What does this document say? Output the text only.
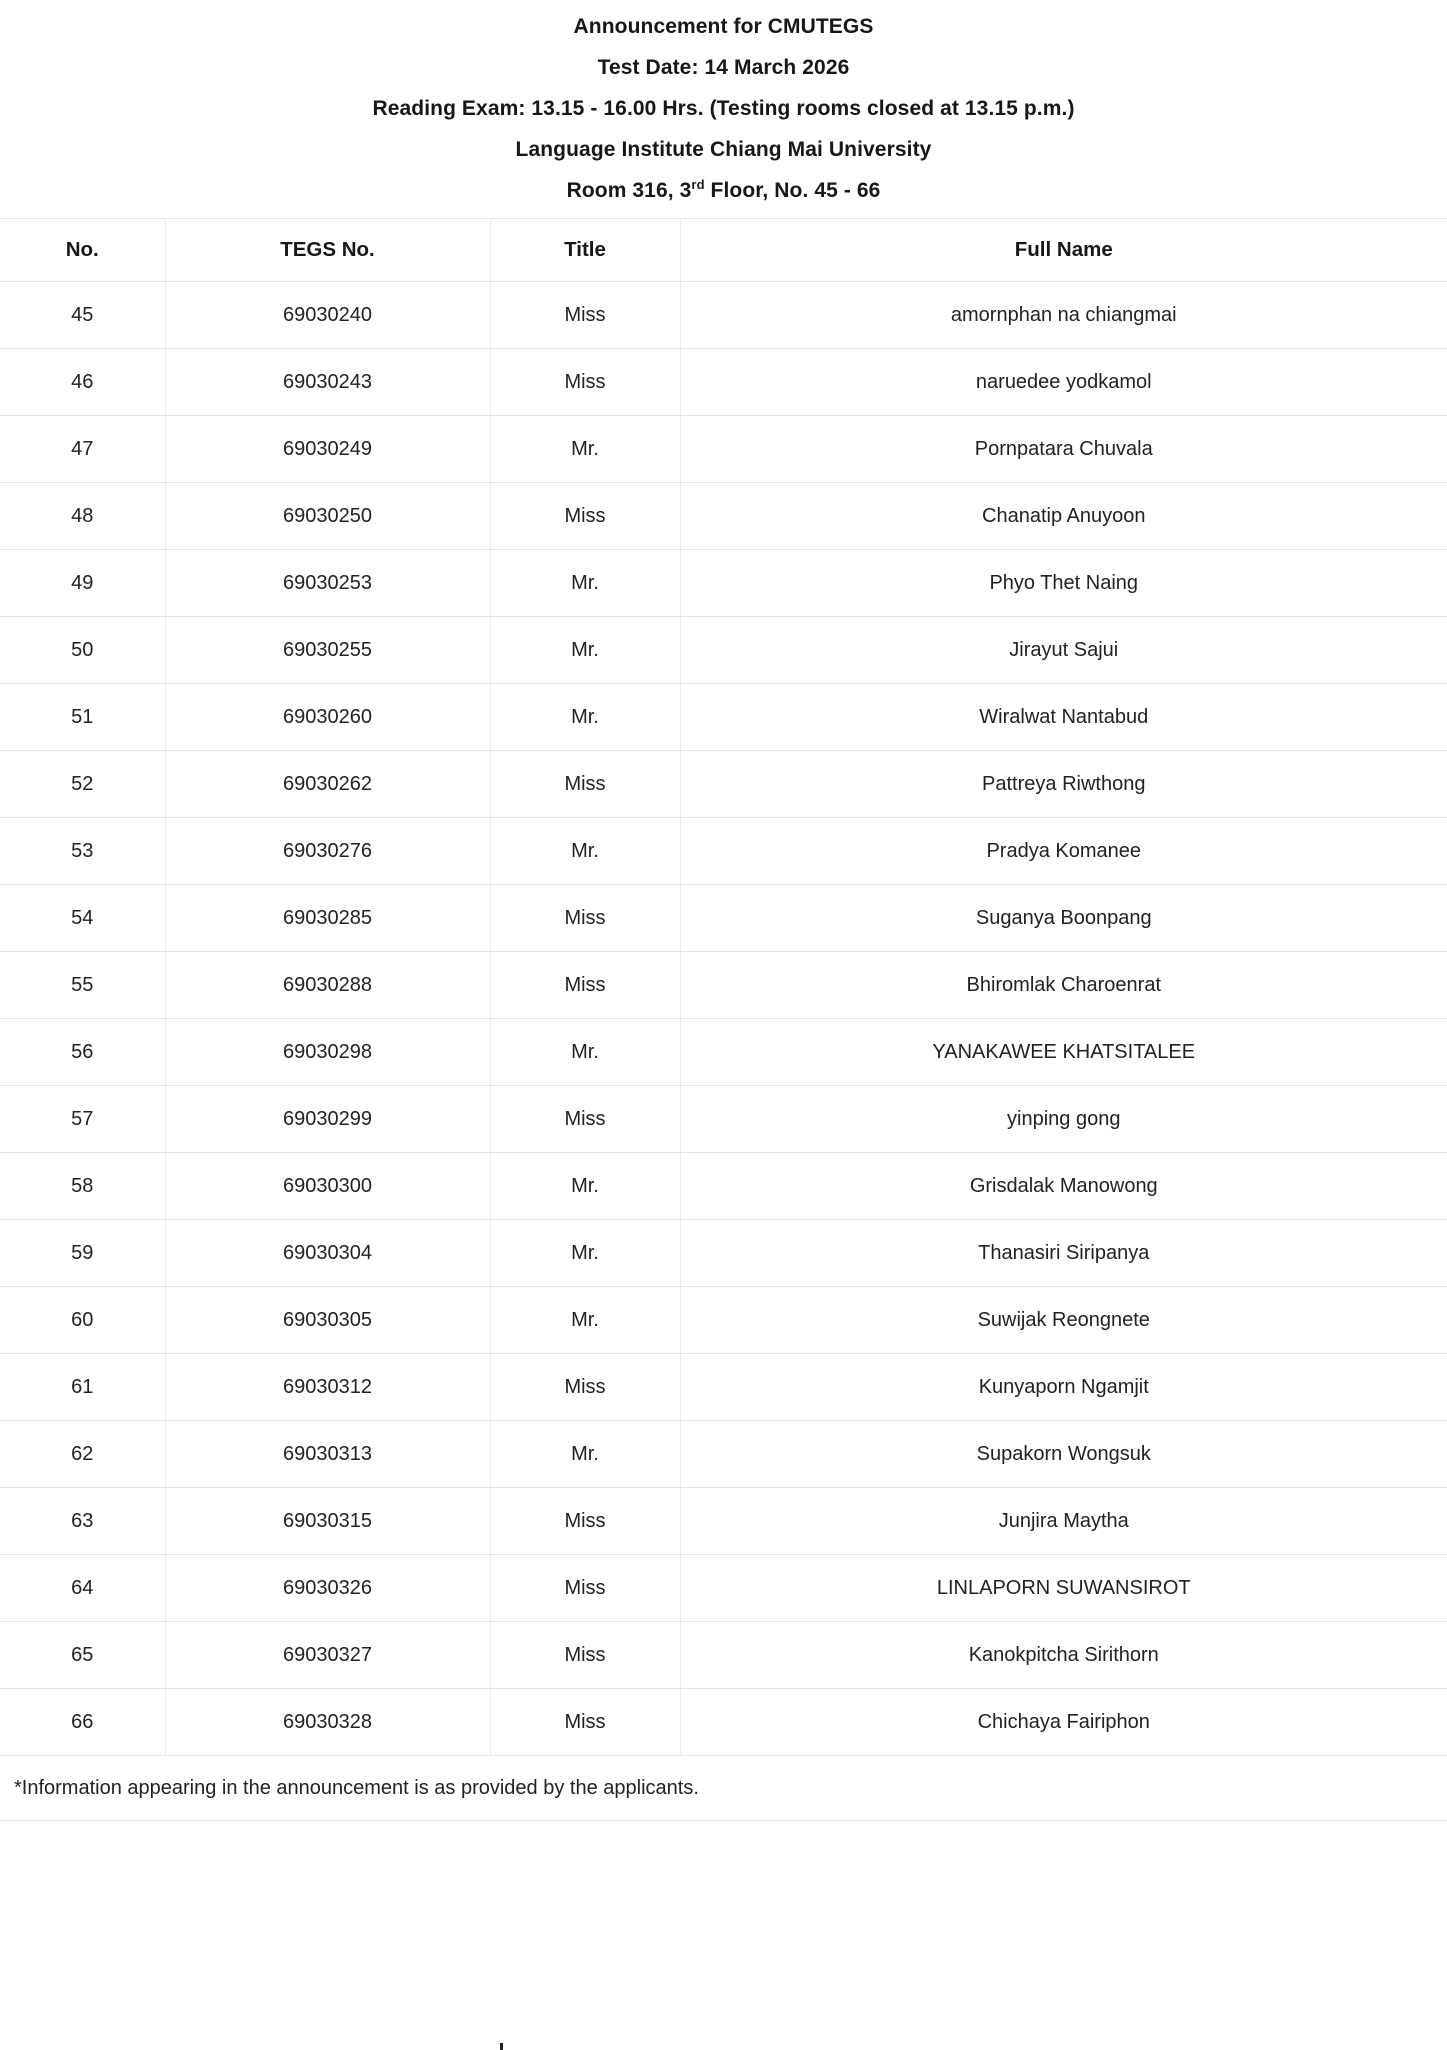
Announcement for CMUTEGS
Test Date: 14 March 2026
Reading Exam: 13.15 - 16.00 Hrs. (Testing rooms closed at 13.15 p.m.)
Language Institute Chiang Mai University
Room 316, 3rd Floor, No. 45 - 66
No.	TEGS No.	Title	Full Name
45	69030240	Miss	amornphan na chiangmai
46	69030243	Miss	naruedee yodkamol
47	69030249	Mr.	Pornpatara Chuvala
48	69030250	Miss	Chanatip Anuyoon
49	69030253	Mr.	Phyo Thet Naing
50	69030255	Mr.	Jirayut Sajui
51	69030260	Mr.	Wiralwat Nantabud
52	69030262	Miss	Pattreya Riwthong
53	69030276	Mr.	Pradya Komanee
54	69030285	Miss	Suganya Boonpang
55	69030288	Miss	Bhiromlak Charoenrat
56	69030298	Mr.	YANAKAWEE KHATSITALEE
57	69030299	Miss	yinping gong
58	69030300	Mr.	Grisdalak Manowong
59	69030304	Mr.	Thanasiri Siripanya
60	69030305	Mr.	Suwijak Reongnete
61	69030312	Miss	Kunyaporn Ngamjit
62	69030313	Mr.	Supakorn Wongsuk
63	69030315	Miss	Junjira Maytha
64	69030326	Miss	LINLAPORN SUWANSIROT
65	69030327	Miss	Kanokpitcha Sirithorn
66	69030328	Miss	Chichaya Fairiphon
*Information appearing in the announcement is as provided by the applicants.			
